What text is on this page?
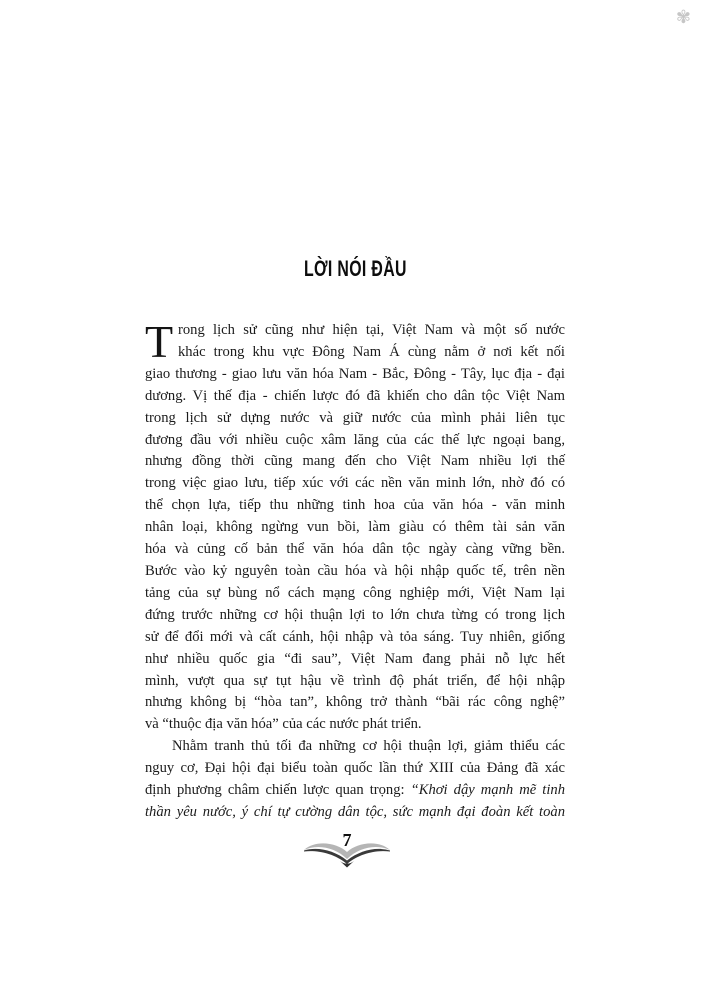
✾
LỜI NÓI ĐẦU
T rong lịch sử cũng như hiện tại, Việt Nam và một số nước
khác trong khu vực Đông Nam Á cùng nằm ở nơi kết nối
giao thương - giao lưu văn hóa Nam - Bắc, Đông - Tây, lục địa - đại
dương. Vị thế địa - chiến lược đó đã khiến cho dân tộc Việt Nam
trong lịch sử dựng nước và giữ nước của mình phải liên tục
đương đầu với nhiều cuộc xâm lăng của các thế lực ngoại bang,
nhưng đồng thời cũng mang đến cho Việt Nam nhiều lợi thế
trong việc giao lưu, tiếp xúc với các nền văn minh lớn, nhờ đó có
thể chọn lựa, tiếp thu những tinh hoa của văn hóa - văn minh
nhân loại, không ngừng vun bồi, làm giàu có thêm tài sản văn
hóa và củng cố bản thể văn hóa dân tộc ngày càng vững bền.
Bước vào kỷ nguyên toàn cầu hóa và hội nhập quốc tế, trên nền
tảng của sự bùng nổ cách mạng công nghiệp mới, Việt Nam lại
đứng trước những cơ hội thuận lợi to lớn chưa từng có trong lịch
sử để đổi mới và cất cánh, hội nhập và tỏa sáng. Tuy nhiên, giống
như nhiều quốc gia “đi sau”, Việt Nam đang phải nỗ lực hết
mình, vượt qua sự tụt hậu về trình độ phát triển, để hội nhập
nhưng không bị “hòa tan”, không trở thành “bãi rác công nghệ”
và “thuộc địa văn hóa” của các nước phát triển.
Nhằm tranh thủ tối đa những cơ hội thuận lợi, giảm thiểu các
nguy cơ, Đại hội đại biểu toàn quốc lần thứ XIII của Đảng đã xác
định phương châm chiến lược quan trọng: “Khơi dậy mạnh mẽ tinh
thần yêu nước, ý chí tự cường dân tộc, sức mạnh đại đoàn kết toàn
7
